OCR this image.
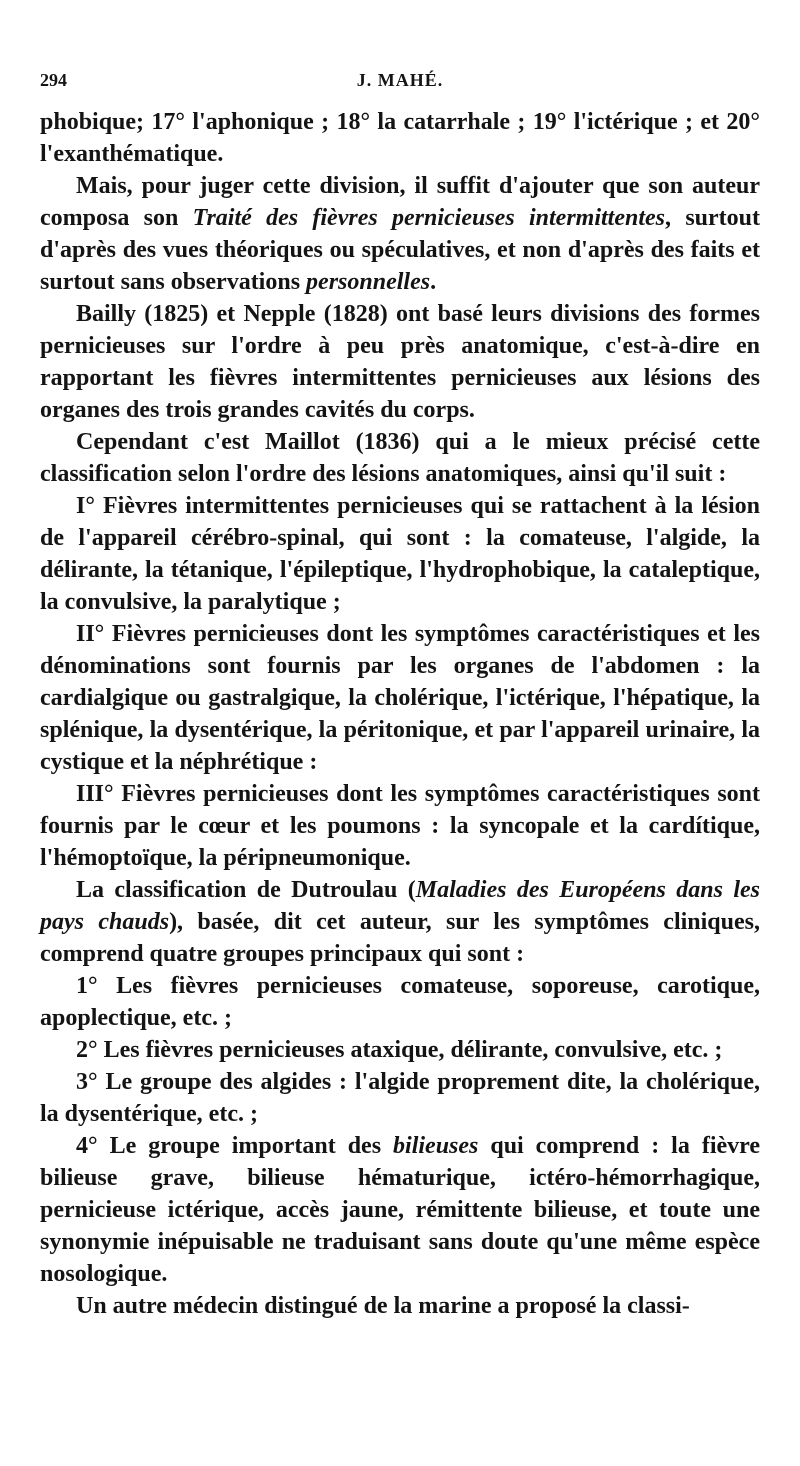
294	J. MAHÉ.

phobique; 17° l'aphonique ; 18° la catarrhale ; 19° l'ictérique ; et 20° l'exanthématique.

Mais, pour juger cette division, il suffit d'ajouter que son auteur composa son Traité des fièvres pernicieuses intermittentes, surtout d'après des vues théoriques ou spéculatives, et non d'après des faits et surtout sans observations personnelles.

Bailly (1825) et Nepple (1828) ont basé leurs divisions des formes pernicieuses sur l'ordre à peu près anatomique, c'est-à-dire en rapportant les fièvres intermittentes pernicieuses aux lésions des organes des trois grandes cavités du corps.

Cependant c'est Maillot (1836) qui a le mieux précisé cette classification selon l'ordre des lésions anatomiques, ainsi qu'il suit :

I° Fièvres intermittentes pernicieuses qui se rattachent à la lésion de l'appareil cérébro-spinal, qui sont : la comateuse, l'algide, la délirante, la tétanique, l'épileptique, l'hydrophobique, la cataleptique, la convulsive, la paralytique ;

II° Fièvres pernicieuses dont les symptômes caractéristiques et les dénominations sont fournis par les organes de l'abdomen : la cardialgique ou gastralgique, la cholérique, l'ictérique, l'hépatique, la splénique, la dysentérique, la péritonique, et par l'appareil urinaire, la cystique et la néphrétique :

III° Fièvres pernicieuses dont les symptômes caractéristiques sont fournis par le cœur et les poumons : la syncopale et la cardítique, l'hémoptoïque, la péripneumonique.

La classification de Dutroulau (Maladies des Européens dans les pays chauds), basée, dit cet auteur, sur les symptômes cliniques, comprend quatre groupes principaux qui sont :

1° Les fièvres pernicieuses comateuse, soporeuse, carotique, apoplectique, etc. ;

2° Les fièvres pernicieuses ataxique, délirante, convulsive, etc. ;

3° Le groupe des algides : l'algide proprement dite, la cholérique, la dysentérique, etc. ;

4° Le groupe important des bilieuses qui comprend : la fièvre bilieuse grave, bilieuse hématurique, ictéro-hémorrhagique, pernicieuse ictérique, accès jaune, rémittente bilieuse, et toute une synonymie inépuisable ne traduisant sans doute qu'une même espèce nosologique.

Un autre médecin distingué de la marine a proposé la classi-
